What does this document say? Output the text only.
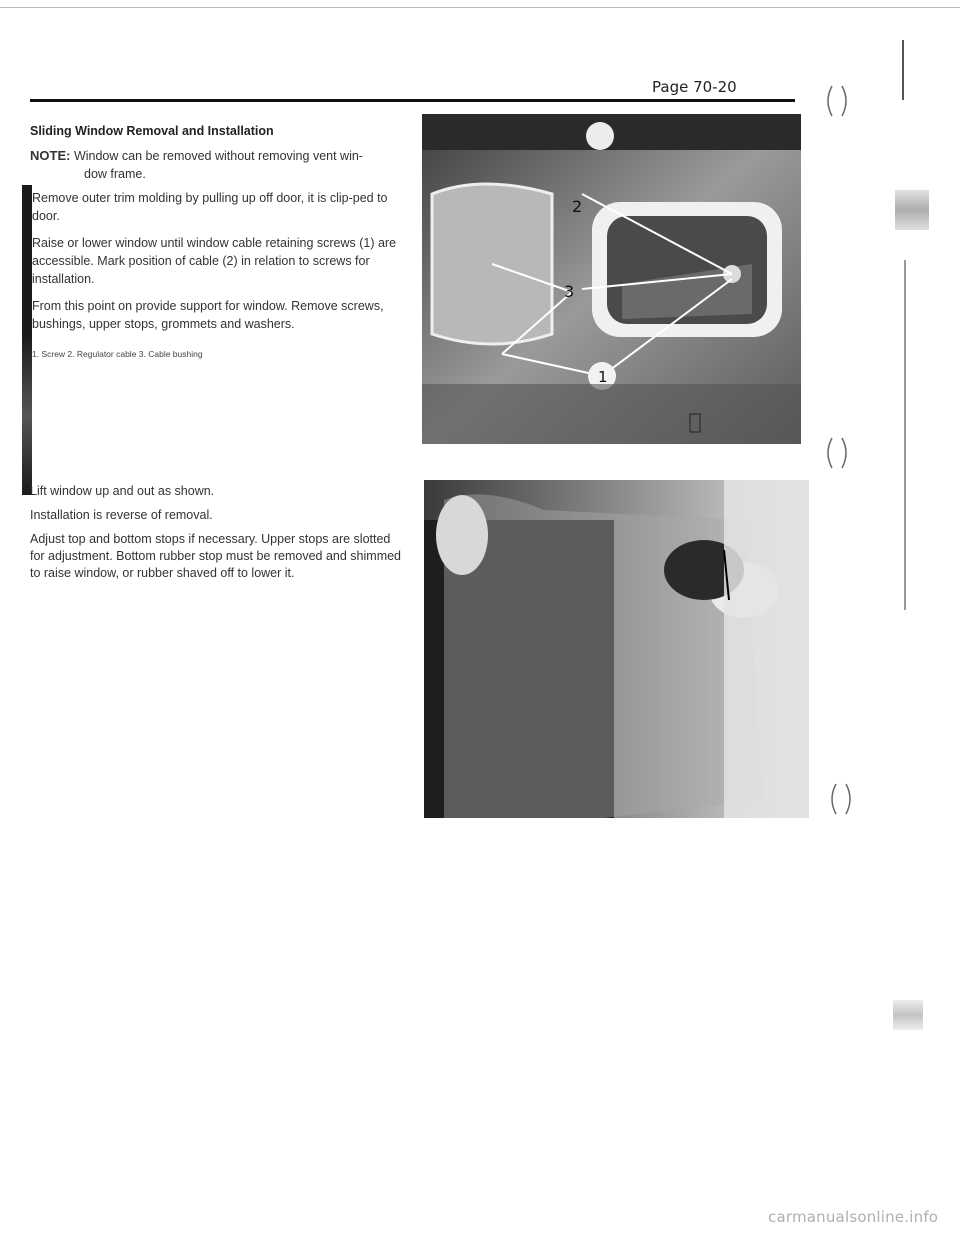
Page 70-20
Sliding Window Removal and Installation
NOTE: Window can be removed without removing vent win-
dow frame.
Remove outer trim molding by pulling up off door, it is clip-ped to door.
Raise or lower window until window cable retaining screws (1) are accessible. Mark position of cable (2) in relation to screws for installation.
From this point on provide support for window. Remove screws, bushings, upper stops, grommets and washers.
1. Screw 2. Regulator cable 3. Cable bushing
2
3
1

Lift window up and out as shown.

Installation is reverse of removal.

Adjust top and bottom stops if necessary. Upper stops are slotted for adjustment. Bottom rubber stop must be removed and shimmed to raise window, or rubber shaved off to lower it.

carmanualsonline.info
